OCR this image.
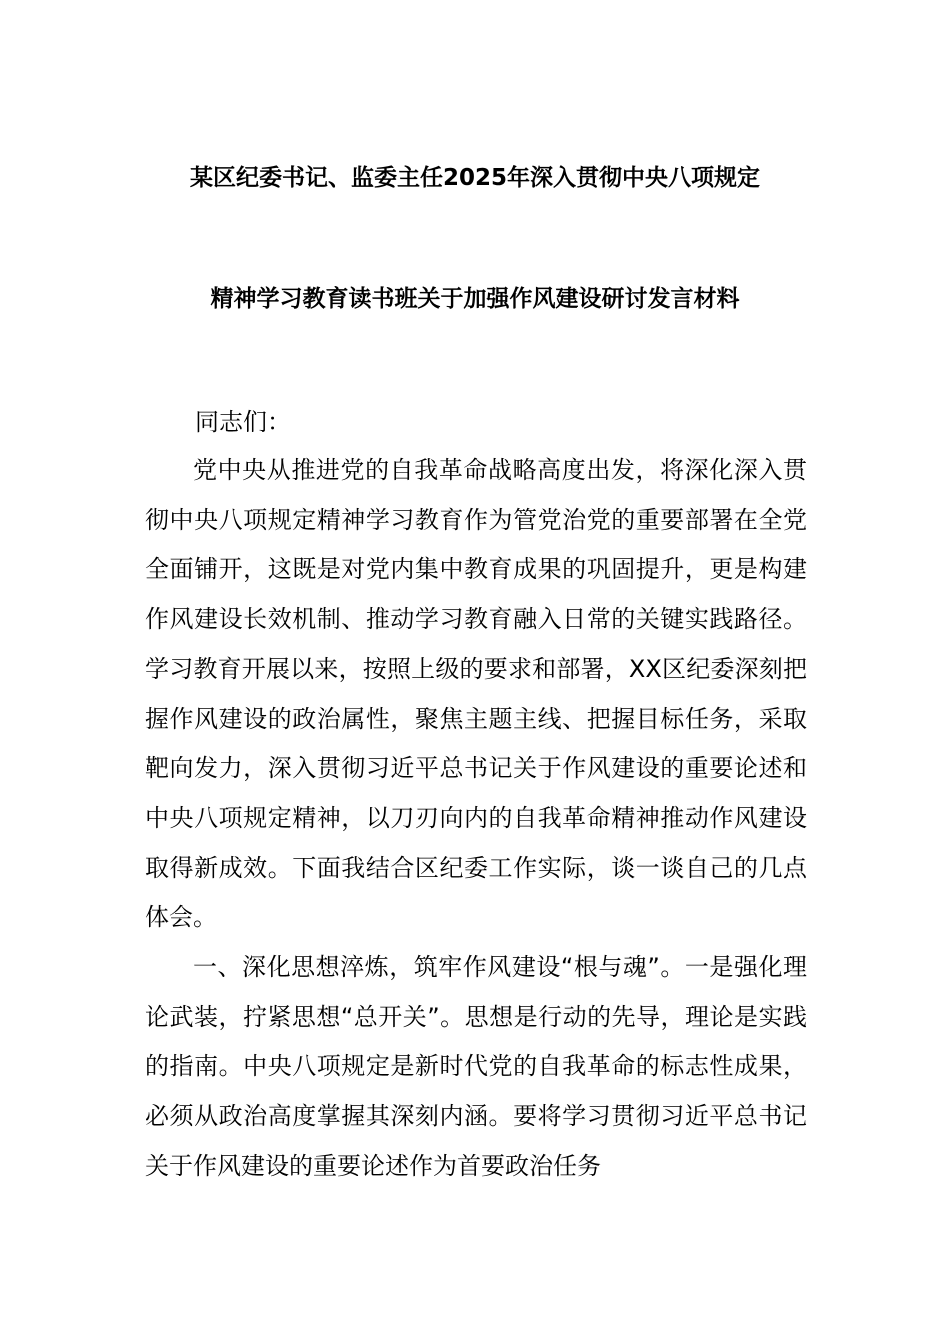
某区纪委书记、监委主任2025年深入贯彻中央八项规定
精神学习教育读书班关于加强作风建设研讨发言材料
同志们：

党中央从推进党的自我革命战略高度出发，将深化深入贯彻中央八项规定精神学习教育作为管党治党的重要部署在全党全面铺开，这既是对党内集中教育成果的巩固提升，更是构建作风建设长效机制、推动学习教育融入日常的关键实践路径。学习教育开展以来，按照上级的要求和部署，XX区纪委深刻把握作风建设的政治属性，聚焦主题主线、把握目标任务，采取靶向发力，深入贯彻习近平总书记关于作风建设的重要论述和中央八项规定精神，以刀刃向内的自我革命精神推动作风建设取得新成效。下面我结合区纪委工作实际，谈一谈自己的几点体会。

一、深化思想淬炼，筑牢作风建设“根与魂”。一是强化理论武装，拧紧思想“总开关”。思想是行动的先导，理论是实践的指南。中央八项规定是新时代党的自我革命的标志性成果，必须从政治高度掌握其深刻内涵。要将学习贯彻习近平总书记关于作风建设的重要论述作为首要政治任务
